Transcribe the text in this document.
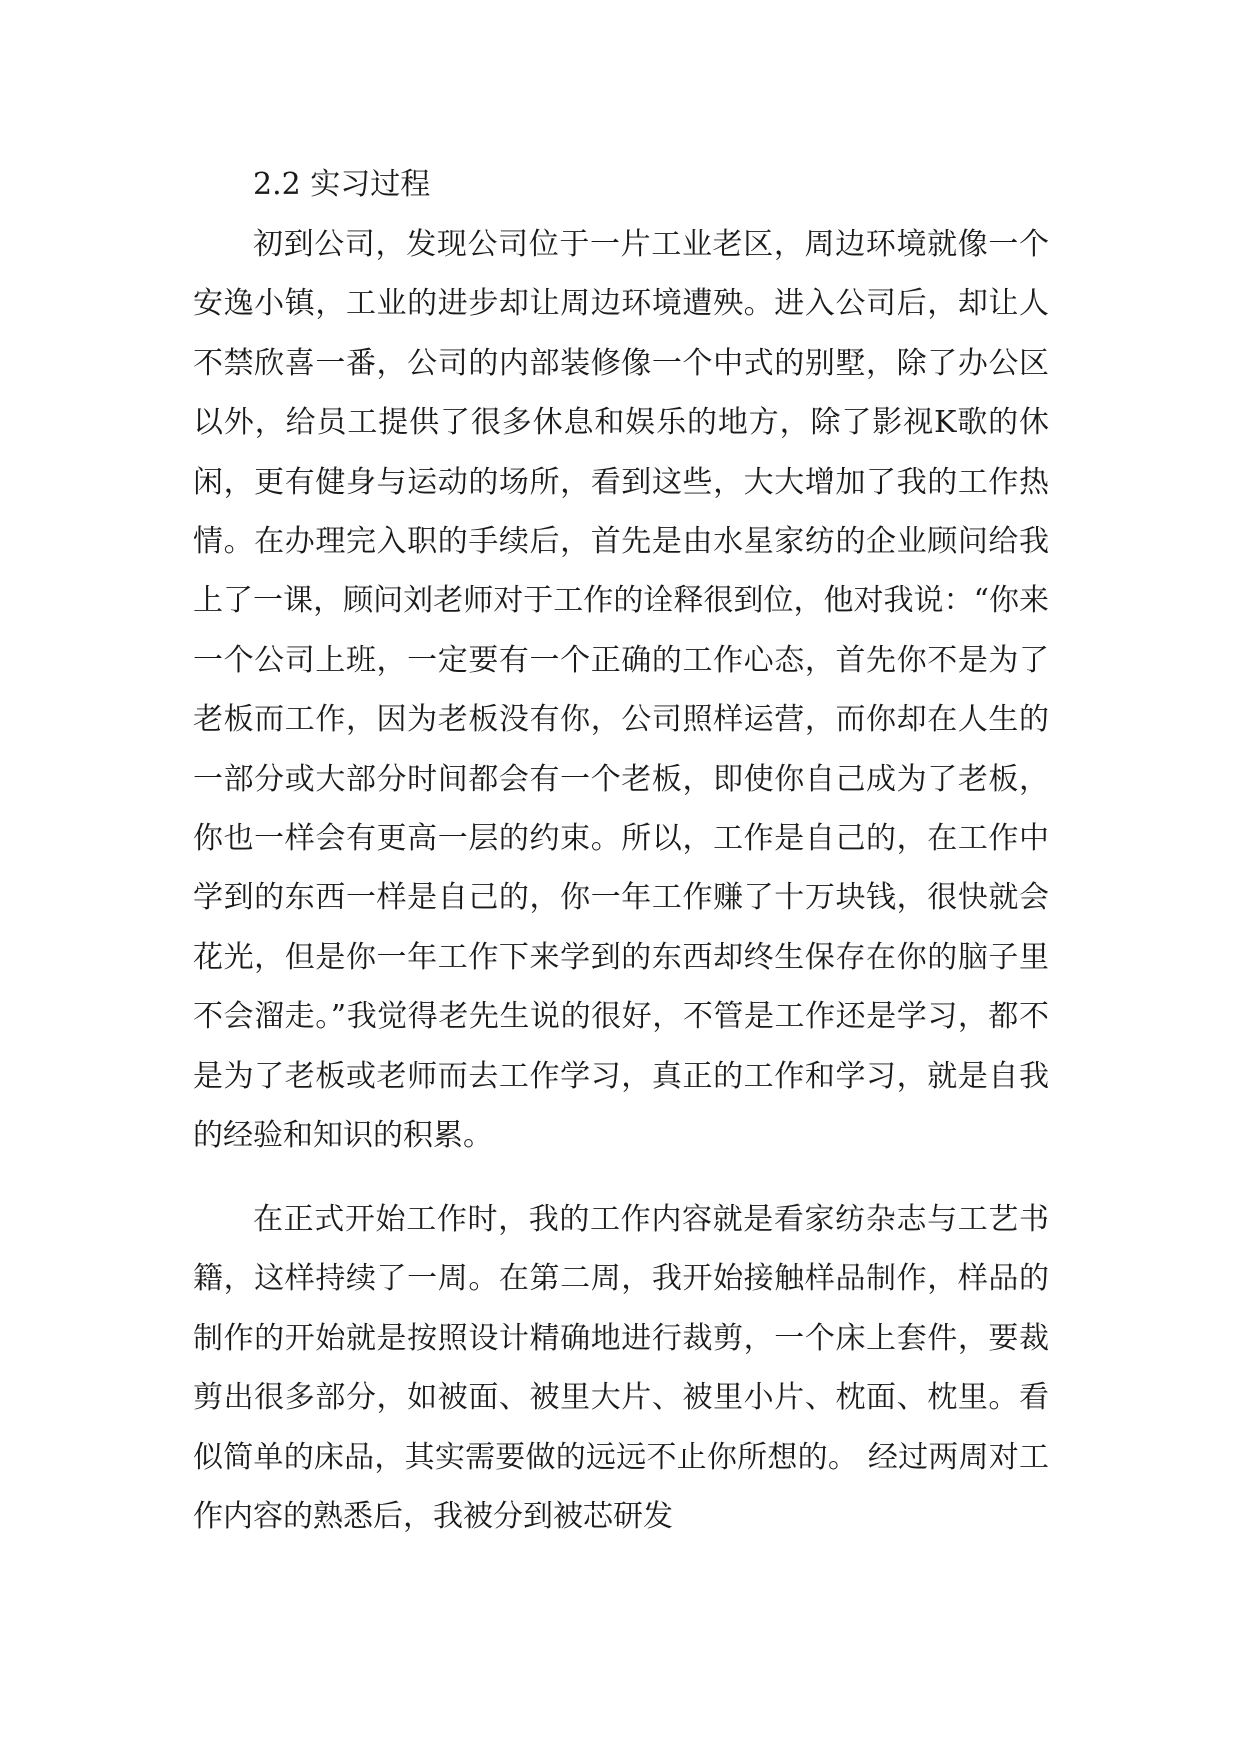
2.2 实习过程

初到公司，发现公司位于一片工业老区，周边环境就像一个安逸小镇，工业的进步却让周边环境遭殃。进入公司后，却让人不禁欣喜一番，公司的内部装修像一个中式的别墅，除了办公区以外，给员工提供了很多休息和娱乐的地方，除了影视K歌的休闲，更有健身与运动的场所，看到这些，大大增加了我的工作热情。在办理完入职的手续后，首先是由水星家纺的企业顾问给我上了一课，顾问刘老师对于工作的诠释很到位，他对我说：“你来一个公司上班，一定要有一个正确的工作心态，首先你不是为了老板而工作，因为老板没有你，公司照样运营，而你却在人生的一部分或大部分时间都会有一个老板，即使你自己成为了老板，你也一样会有更高一层的约束。所以，工作是自己的，在工作中学到的东西一样是自己的，你一年工作赚了十万块钱，很快就会花光，但是你一年工作下来学到的东西却终生保存在你的脑子里不会溜走。”我觉得老先生说的很好，不管是工作还是学习，都不是为了老板或老师而去工作学习，真正的工作和学习，就是自我的经验和知识的积累。

在正式开始工作时，我的工作内容就是看家纺杂志与工艺书籍，这样持续了一周。在第二周，我开始接触样品制作，样品的制作的开始就是按照设计精确地进行裁剪，一个床上套件，要裁剪出很多部分，如被面、被里大片、被里小片、枕面、枕里。看似简单的床品，其实需要做的远远不止你所想的。 经过两周对工作内容的熟悉后，我被分到被芯研发
